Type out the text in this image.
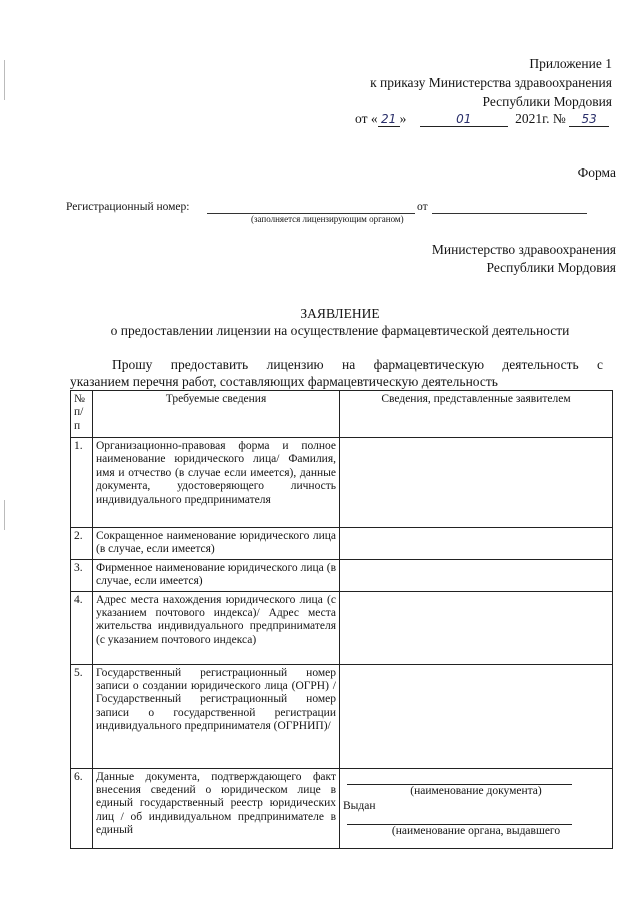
Приложение 1
к приказу Министерства здравоохранения
Республики Мордовия
от « 21 »	01	2021г. № 53
Форма
Регистрационный номер:	от
(заполняется лицензирующим органом)
Министерство здравоохранения
Республики Мордовия
ЗАЯВЛЕНИЕ
о предоставлении лицензии на осуществление фармацевтической деятельности
Прошу предоставить лицензию на фармацевтическую деятельность с
указанием перечня работ, составляющих фармацевтическую деятельность
№ п/п	Требуемые сведения	Сведения, представленные заявителем
1.	Организационно-правовая форма и полное наименование юридического лица/ Фамилия, имя и отчество (в случае если имеется), данные документа, удостоверяющего личность индивидуального предпринимателя	
2.	Сокращенное наименование юридического лица (в случае, если имеется)	
3.	Фирменное наименование юридического лица (в случае, если имеется)	
4.	Адрес места нахождения юридического лица (с указанием почтового индекса)/ Адрес места жительства индивидуального предпринимателя (с указанием почтового индекса)	
5.	Государственный регистрационный номер записи о создании юридического лица (ОГРН) / Государственный регистрационный номер записи о государственной регистрации индивидуального предпринимателя (ОГРНИП)/	
6.	Данные документа, подтверждающего факт внесения сведений о юридическом лице в единый государственный реестр юридических лиц / об индивидуальном предпринимателе в единый	(наименование документа)
Выдан
(наименование органа, выдавшего
